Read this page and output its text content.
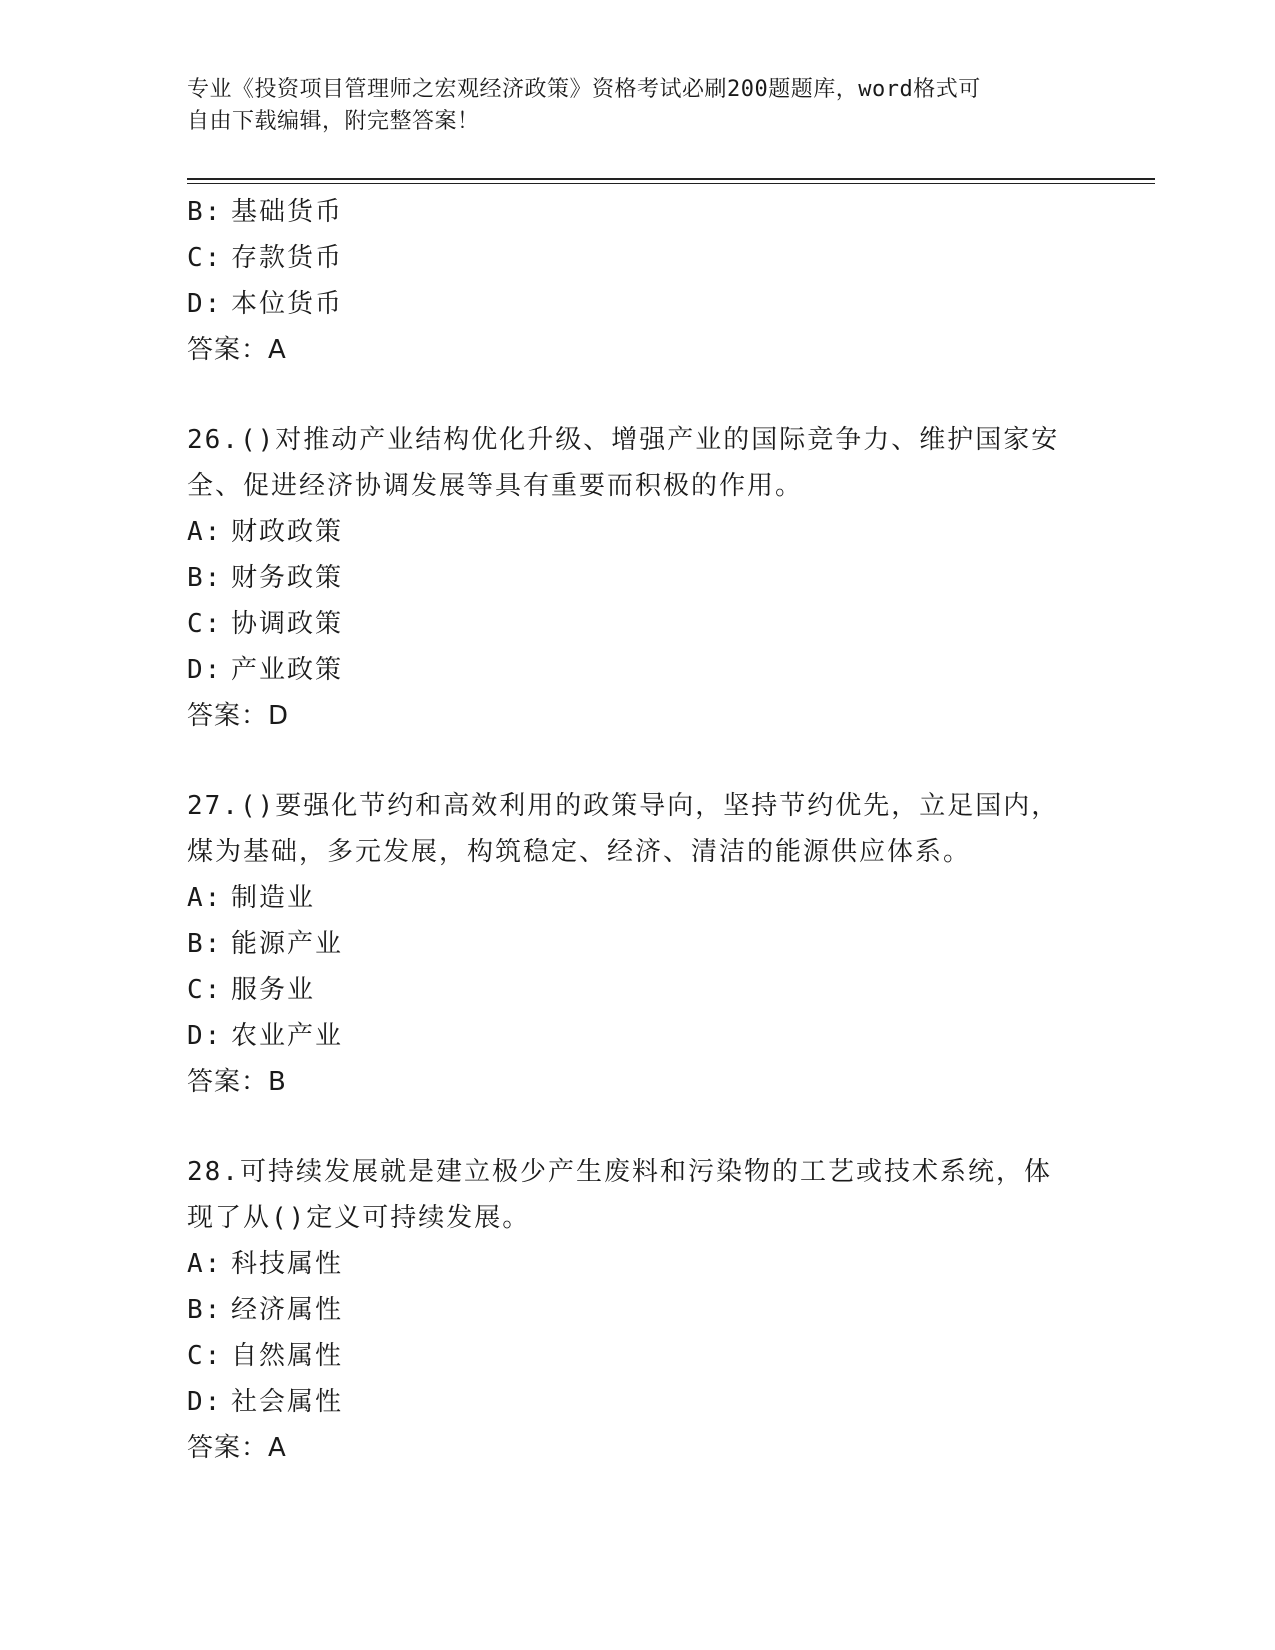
专业《投资项目管理师之宏观经济政策》资格考试必刷200题题库，word格式可
自由下载编辑，附完整答案！
B: 基础货币
C: 存款货币
D: 本位货币
答案：A
26.()对推动产业结构优化升级、增强产业的国际竞争力、维护国家安
全、促进经济协调发展等具有重要而积极的作用。
A: 财政政策
B: 财务政策
C: 协调政策
D: 产业政策
答案：D
27.()要强化节约和高效利用的政策导向，坚持节约优先，立足国内，
煤为基础，多元发展，构筑稳定、经济、清洁的能源供应体系。
A: 制造业
B: 能源产业
C: 服务业
D: 农业产业
答案：B
28.可持续发展就是建立极少产生废料和污染物的工艺或技术系统，体
现了从()定义可持续发展。
A: 科技属性
B: 经济属性
C: 自然属性
D: 社会属性
答案：A
